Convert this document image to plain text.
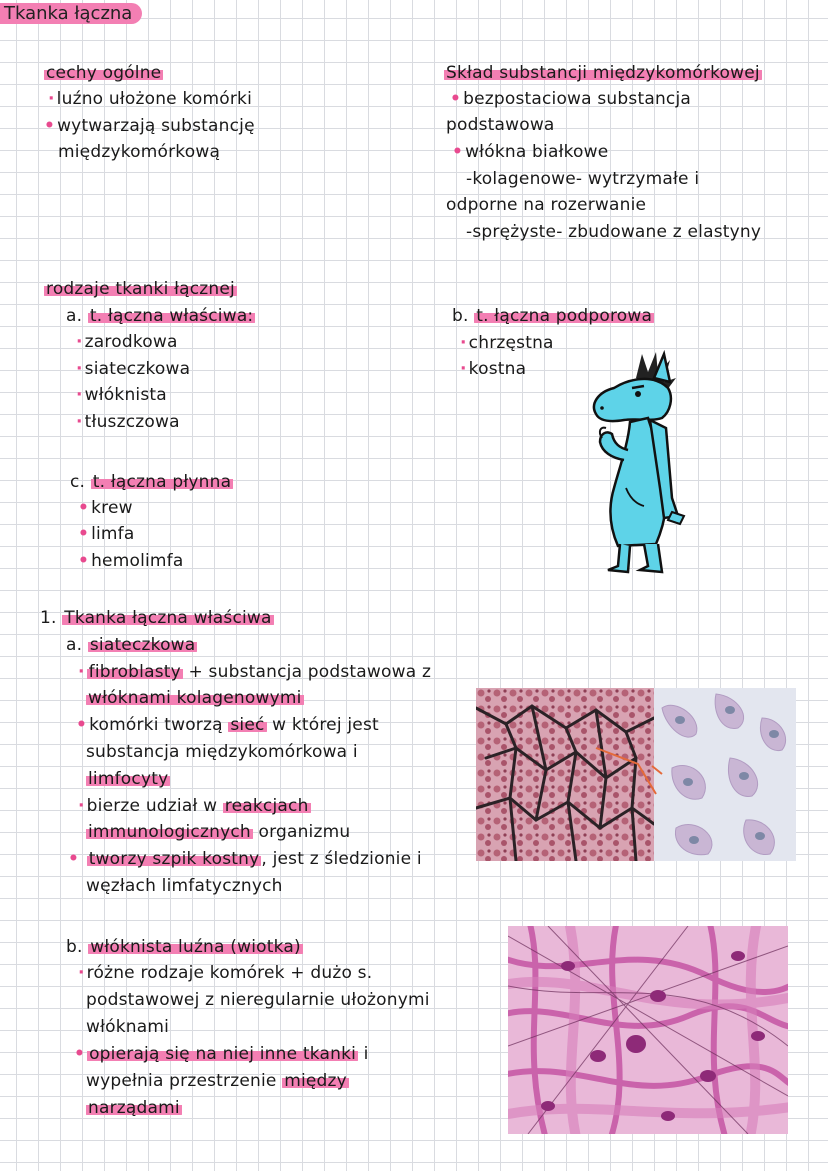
Tkanka łączna
cechy ogólne
· luźno ułożone komórki
• wytwarzają substancję
międzykomórkową
Skład substancji międzykomórkowej
• bezpostaciowa substancja
podstawowa
• włókna białkowe
-kolagenowe- wytrzymałe i
odporne na rozerwanie
-sprężyste- zbudowane z elastyny
rodzaje tkanki łącznej
a. t. łączna właściwa:
· zarodkowa
· siateczkowa
· włóknista
· tłuszczowa
b. t. łączna podporowa
· chrzęstna
· kostna
c. t. łączna płynna
• krew
• limfa
• hemolimfa
1. Tkanka łączna właściwa
a. siateczkowa
· fibroblasty + substancja podstawowa z
włóknami kolagenowymi
• komórki tworzą sieć w której jest
substancja międzykomórkowa i
limfocyty
· bierze udział w reakcjach
immunologicznych organizmu
• tworzy szpik kostny , jest z śledzionie i
węzłach limfatycznych
b. włóknista luźna (wiotka)
· różne rodzaje komórek + dużo s.
podstawowej z nieregularnie ułożonymi
włóknami
• opierają się na niej inne tkanki i
wypełnia przestrzenie między
narządami
